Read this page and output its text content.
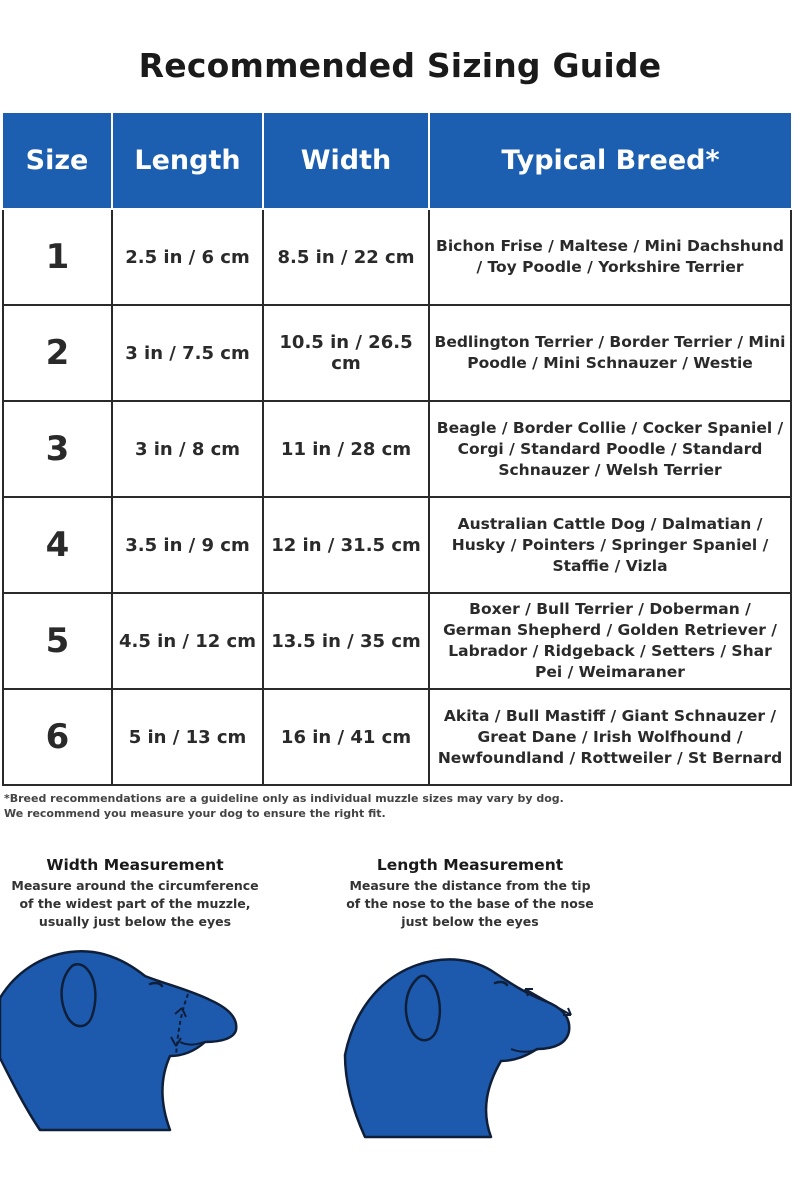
Recommended Sizing Guide
Size	Length	Width	Typical Breed*
1	2.5 in / 6 cm	8.5 in / 22 cm	Bichon Frise / Maltese / Mini Dachshund / Toy Poodle / Yorkshire Terrier
2	3 in / 7.5 cm	10.5 in / 26.5 cm	Bedlington Terrier / Border Terrier / Mini Poodle / Mini Schnauzer / Westie
3	3 in / 8 cm	11 in / 28 cm	Beagle / Border Collie / Cocker Spaniel / Corgi / Standard Poodle / Standard Schnauzer / Welsh Terrier
4	3.5 in / 9 cm	12 in / 31.5 cm	Australian Cattle Dog / Dalmatian / Husky / Pointers / Springer Spaniel / Staffie / Vizla
5	4.5 in / 12 cm	13.5 in / 35 cm	Boxer / Bull Terrier / Doberman / German Shepherd / Golden Retriever / Labrador / Ridgeback / Setters / Shar Pei / Weimaraner
6	5 in / 13 cm	16 in / 41 cm	Akita / Bull Mastiff / Giant Schnauzer / Great Dane / Irish Wolfhound / Newfoundland / Rottweiler / St Bernard
*Breed recommendations are a guideline only as individual muzzle sizes may vary by dog.
We recommend you measure your dog to ensure the right fit.
Width Measurement
Measure around the circumference
of the widest part of the muzzle,
usually just below the eyes
Length Measurement
Measure the distance from the tip
of the nose to the base of the nose
just below the eyes
